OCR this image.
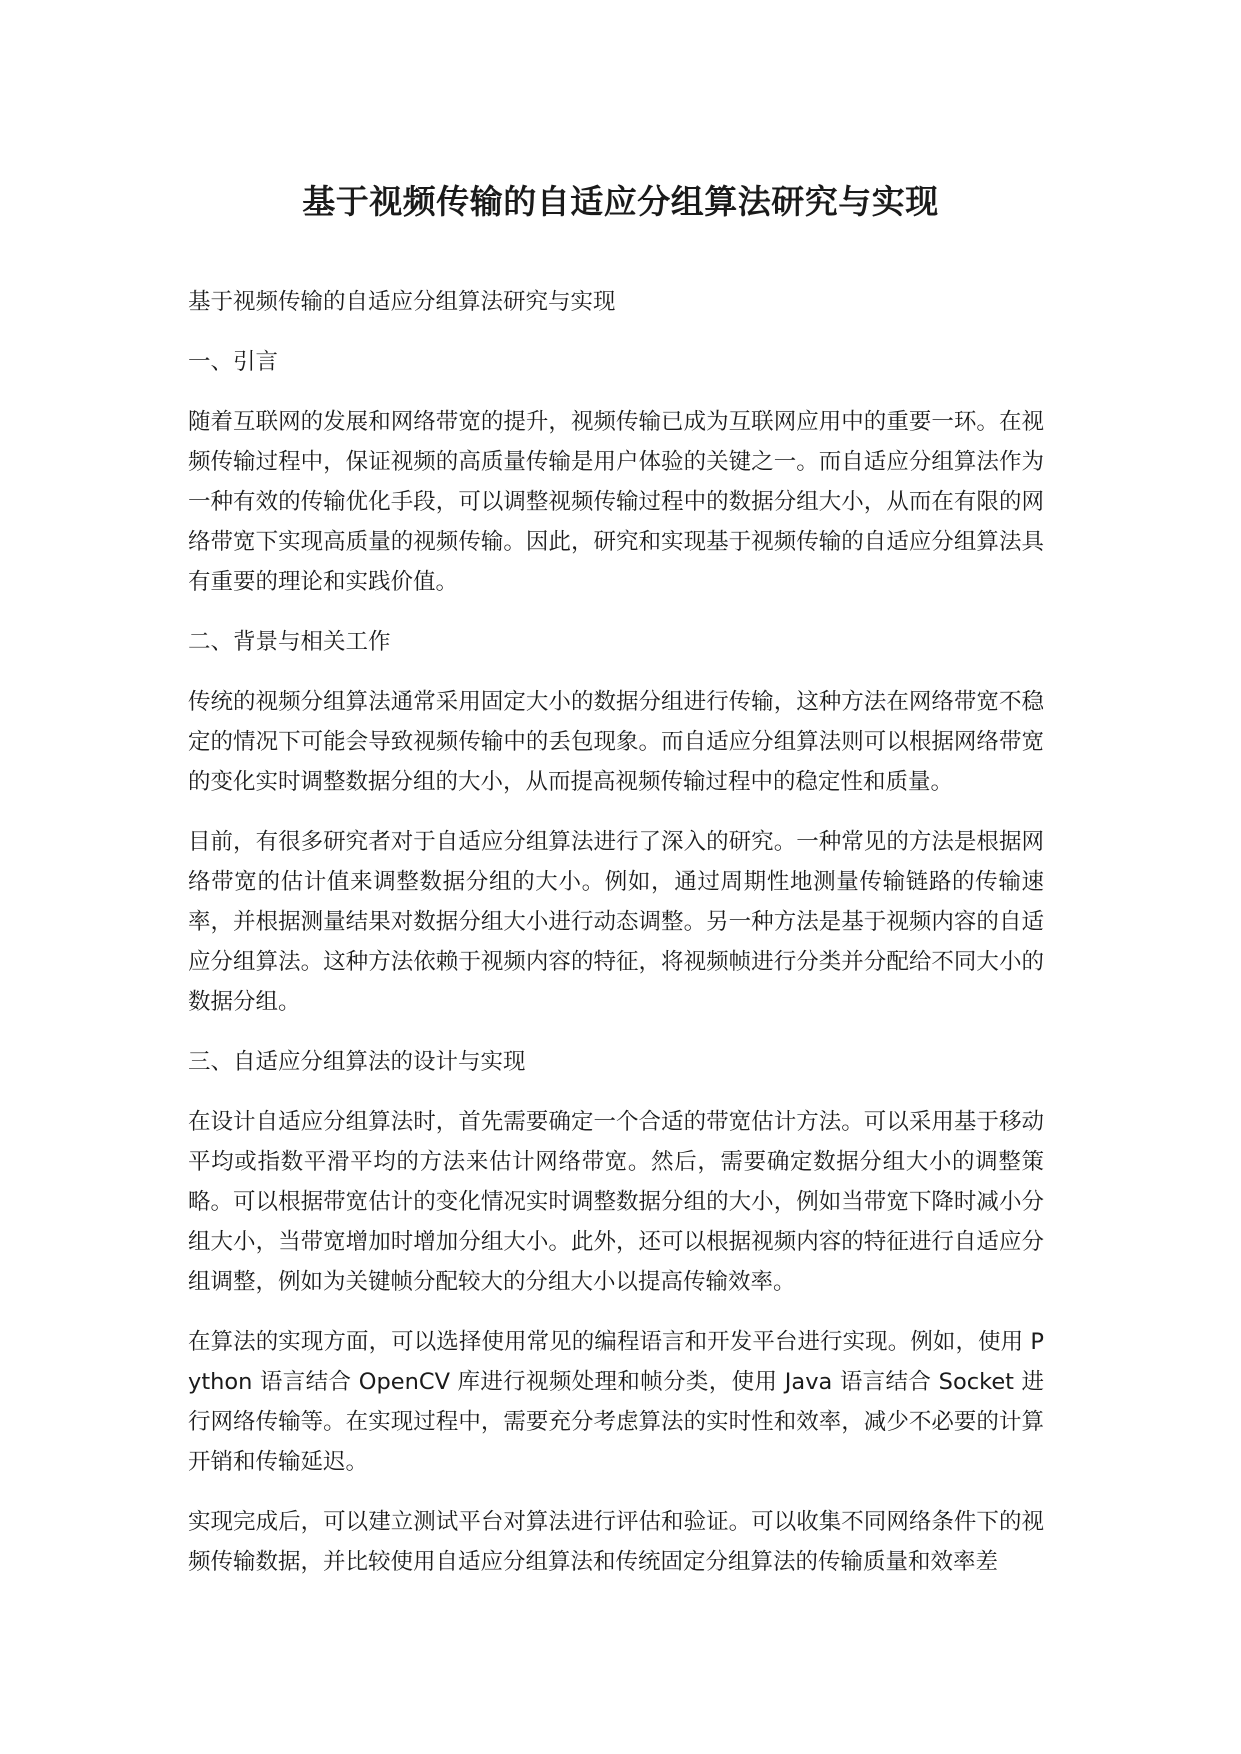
基于视频传输的自适应分组算法研究与实现

基于视频传输的自适应分组算法研究与实现

一、引言

随着互联网的发展和网络带宽的提升，视频传输已成为互联网应用中的重要一环。在视频传输过程中，保证视频的高质量传输是用户体验的关键之一。而自适应分组算法作为一种有效的传输优化手段，可以调整视频传输过程中的数据分组大小，从而在有限的网络带宽下实现高质量的视频传输。因此，研究和实现基于视频传输的自适应分组算法具有重要的理论和实践价值。

二、背景与相关工作

传统的视频分组算法通常采用固定大小的数据分组进行传输，这种方法在网络带宽不稳定的情况下可能会导致视频传输中的丢包现象。而自适应分组算法则可以根据网络带宽的变化实时调整数据分组的大小，从而提高视频传输过程中的稳定性和质量。

目前，有很多研究者对于自适应分组算法进行了深入的研究。一种常见的方法是根据网络带宽的估计值来调整数据分组的大小。例如，通过周期性地测量传输链路的传输速率，并根据测量结果对数据分组大小进行动态调整。另一种方法是基于视频内容的自适应分组算法。这种方法依赖于视频内容的特征，将视频帧进行分类并分配给不同大小的数据分组。

三、自适应分组算法的设计与实现

在设计自适应分组算法时，首先需要确定一个合适的带宽估计方法。可以采用基于移动平均或指数平滑平均的方法来估计网络带宽。然后，需要确定数据分组大小的调整策略。可以根据带宽估计的变化情况实时调整数据分组的大小，例如当带宽下降时减小分组大小，当带宽增加时增加分组大小。此外，还可以根据视频内容的特征进行自适应分组调整，例如为关键帧分配较大的分组大小以提高传输效率。

在算法的实现方面，可以选择使用常见的编程语言和开发平台进行实现。例如，使用 Python 语言结合 OpenCV 库进行视频处理和帧分类，使用 Java 语言结合 Socket 进行网络传输等。在实现过程中，需要充分考虑算法的实时性和效率，减少不必要的计算开销和传输延迟。

实现完成后，可以建立测试平台对算法进行评估和验证。可以收集不同网络条件下的视频传输数据，并比较使用自适应分组算法和传统固定分组算法的传输质量和效率差
